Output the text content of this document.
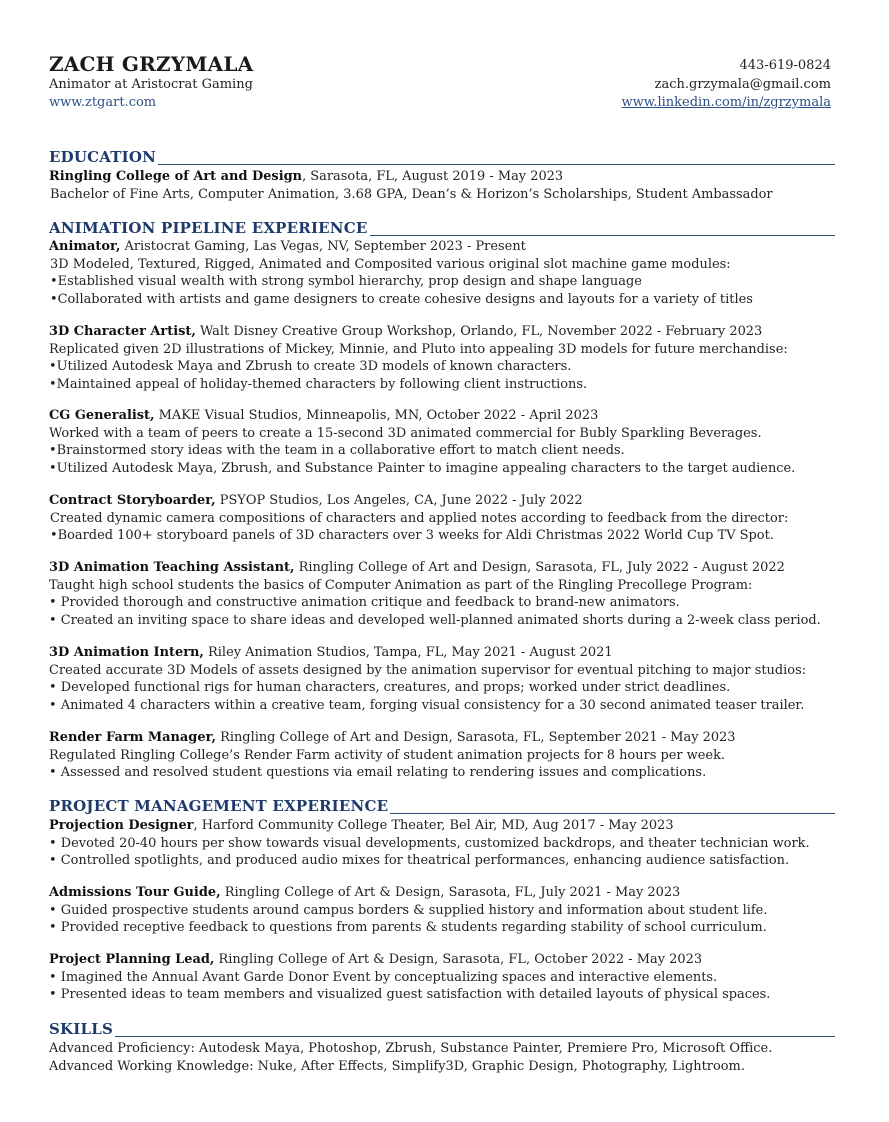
ZACH GRZYMALA
Animator at Aristocrat Gaming
www.ztgart.com
443-619-0824
zach.grzymala@gmail.com
www.linkedin.com/in/zgrzymala
EDUCATION
Ringling College of Art and Design, Sarasota, FL, August 2019 - May 2023
Bachelor of Fine Arts, Computer Animation, 3.68 GPA, Dean’s & Horizon’s Scholarships, Student Ambassador
ANIMATION PIPELINE EXPERIENCE
Animator, Aristocrat Gaming, Las Vegas, NV, September 2023 - Present
3D Modeled, Textured, Rigged, Animated and Composited various original slot machine game modules:
•Established visual wealth with strong symbol hierarchy, prop design and shape language
•Collaborated with artists and game designers to create cohesive designs and layouts for a variety of titles
3D Character Artist, Walt Disney Creative Group Workshop, Orlando, FL, November 2022 - February 2023
Replicated given 2D illustrations of Mickey, Minnie, and Pluto into appealing 3D models for future merchandise:
•Utilized Autodesk Maya and Zbrush to create 3D models of known characters.
•Maintained appeal of holiday-themed characters by following client instructions.
CG Generalist, MAKE Visual Studios, Minneapolis, MN, October 2022 - April 2023
Worked with a team of peers to create a 15-second 3D animated commercial for Bubly Sparkling Beverages.
•Brainstormed story ideas with the team in a collaborative effort to match client needs.
•Utilized Autodesk Maya, Zbrush, and Substance Painter to imagine appealing characters to the target audience.
Contract Storyboarder, PSYOP Studios, Los Angeles, CA, June 2022 - July 2022
Created dynamic camera compositions of characters and applied notes according to feedback from the director:
•Boarded 100+ storyboard panels of 3D characters over 3 weeks for Aldi Christmas 2022 World Cup TV Spot.
3D Animation Teaching Assistant, Ringling College of Art and Design, Sarasota, FL, July 2022 - August 2022
Taught high school students the basics of Computer Animation as part of the Ringling Precollege Program:
• Provided thorough and constructive animation critique and feedback to brand-new animators.
• Created an inviting space to share ideas and developed well-planned animated shorts during a 2-week class period.
3D Animation Intern, Riley Animation Studios, Tampa, FL, May 2021 - August 2021
Created accurate 3D Models of assets designed by the animation supervisor for eventual pitching to major studios:
• Developed functional rigs for human characters, creatures, and props; worked under strict deadlines.
• Animated 4 characters within a creative team, forging visual consistency for a 30 second animated teaser trailer.
Render Farm Manager, Ringling College of Art and Design, Sarasota, FL, September 2021 - May 2023
Regulated Ringling College’s Render Farm activity of student animation projects for 8 hours per week.
• Assessed and resolved student questions via email relating to rendering issues and complications.
PROJECT MANAGEMENT EXPERIENCE
Projection Designer, Harford Community College Theater, Bel Air, MD, Aug 2017 - May 2023
• Devoted 20-40 hours per show towards visual developments, customized backdrops, and theater technician work.
• Controlled spotlights, and produced audio mixes for theatrical performances, enhancing audience satisfaction.
Admissions Tour Guide, Ringling College of Art & Design, Sarasota, FL, July 2021 - May 2023
• Guided prospective students around campus borders & supplied history and information about student life.
• Provided receptive feedback to questions from parents & students regarding stability of school curriculum.
Project Planning Lead, Ringling College of Art & Design, Sarasota, FL, October 2022 - May 2023
• Imagined the Annual Avant Garde Donor Event by conceptualizing spaces and interactive elements.
• Presented ideas to team members and visualized guest satisfaction with detailed layouts of physical spaces.
SKILLS
Advanced Proficiency: Autodesk Maya, Photoshop, Zbrush, Substance Painter, Premiere Pro, Microsoft Office.
Advanced Working Knowledge: Nuke, After Effects, Simplify3D, Graphic Design, Photography, Lightroom.
